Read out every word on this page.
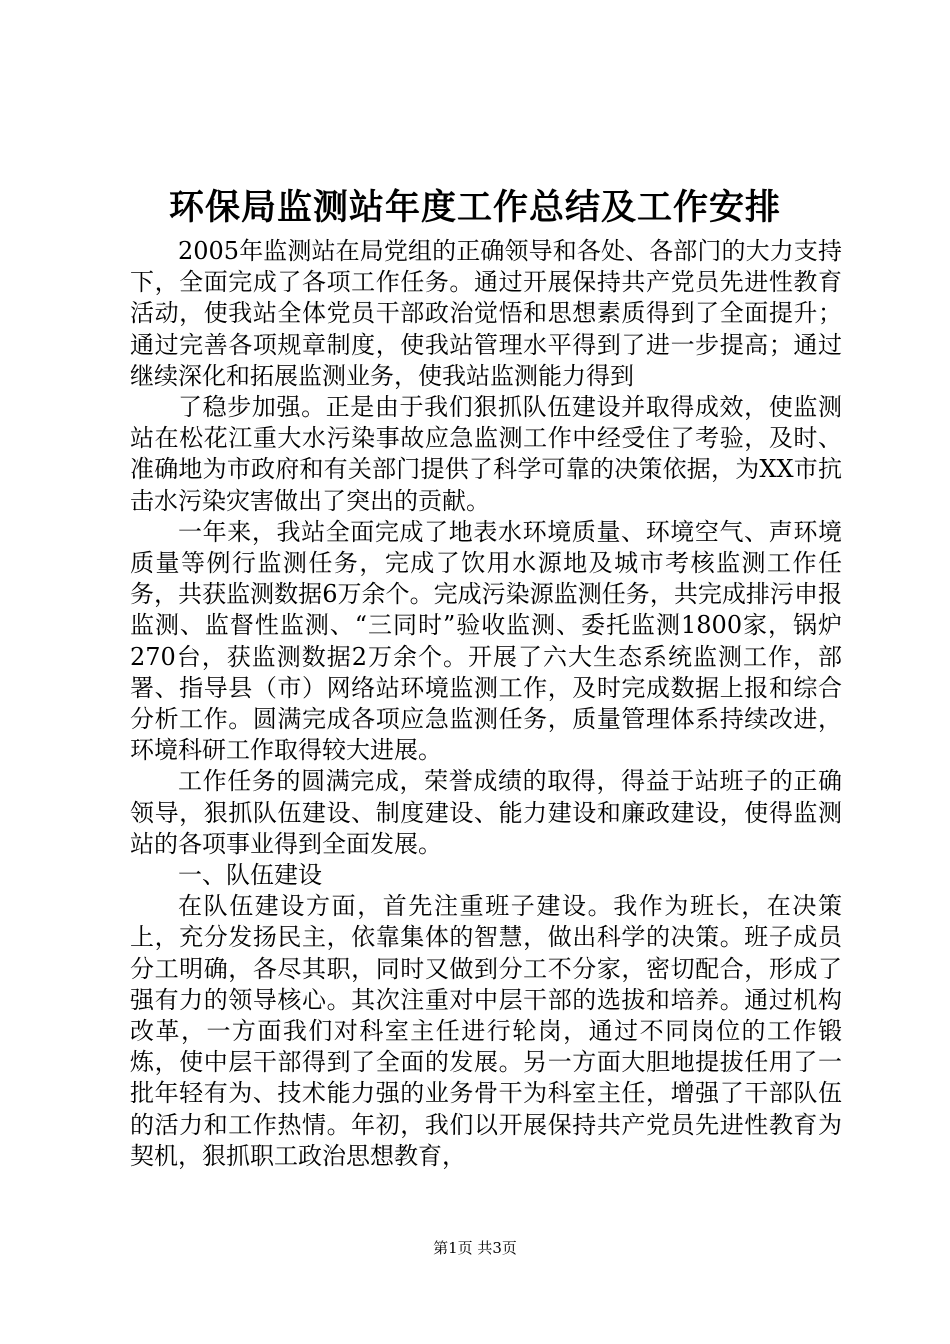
环保局监测站年度工作总结及工作安排

2005年监测站在局党组的正确领导和各处、各部门的大力支持下，全面完成了各项工作任务。通过开展保持共产党员先进性教育活动，使我站全体党员干部政治觉悟和思想素质得到了全面提升；通过完善各项规章制度，使我站管理水平得到了进一步提高；通过继续深化和拓展监测业务，使我站监测能力得到

了稳步加强。正是由于我们狠抓队伍建设并取得成效，使监测站在松花江重大水污染事故应急监测工作中经受住了考验，及时、准确地为市政府和有关部门提供了科学可靠的决策依据，为XX市抗击水污染灾害做出了突出的贡献。

一年来，我站全面完成了地表水环境质量、环境空气、声环境质量等例行监测任务，完成了饮用水源地及城市考核监测工作任务，共获监测数据6万余个。完成污染源监测任务，共完成排污申报监测、监督性监测、“三同时”验收监测、委托监测1800家，锅炉270台，获监测数据2万余个。开展了六大生态系统监测工作，部署、指导县（市）网络站环境监测工作，及时完成数据上报和综合分析工作。圆满完成各项应急监测任务，质量管理体系持续改进，环境科研工作取得较大进展。

工作任务的圆满完成，荣誉成绩的取得，得益于站班子的正确领导，狠抓队伍建设、制度建设、能力建设和廉政建设，使得监测站的各项事业得到全面发展。

一、队伍建设

在队伍建设方面，首先注重班子建设。我作为班长，在决策上，充分发扬民主，依靠集体的智慧，做出科学的决策。班子成员分工明确，各尽其职，同时又做到分工不分家，密切配合，形成了强有力的领导核心。其次注重对中层干部的选拔和培养。通过机构改革，一方面我们对科室主任进行轮岗，通过不同岗位的工作锻炼，使中层干部得到了全面的发展。另一方面大胆地提拔任用了一批年轻有为、技术能力强的业务骨干为科室主任，增强了干部队伍的活力和工作热情。年初，我们以开展保持共产党员先进性教育为契机，狠抓职工政治思想教育，

第1页 共3页
